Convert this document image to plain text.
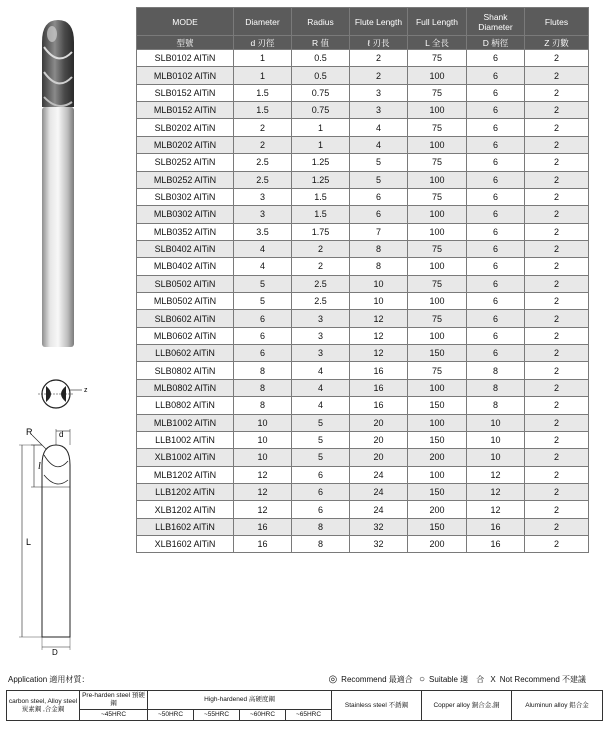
z
d
R
l
L
D
MODE	Diameter	Radius	Flute Length	Full Length	Shank Diameter	Flutes
型號	d 刃徑	R 值	ℓ 刃長	L 全長	D 柄徑	Z 刃數
SLB0102 AlTiN	1	0.5	2	75	6	2
MLB0102 AlTiN	1	0.5	2	100	6	2
SLB0152 AlTiN	1.5	0.75	3	75	6	2
MLB0152 AlTiN	1.5	0.75	3	100	6	2
SLB0202 AlTiN	2	1	4	75	6	2
MLB0202 AlTiN	2	1	4	100	6	2
SLB0252 AlTiN	2.5	1.25	5	75	6	2
MLB0252 AlTiN	2.5	1.25	5	100	6	2
SLB0302 AlTiN	3	1.5	6	75	6	2
MLB0302 AlTiN	3	1.5	6	100	6	2
MLB0352 AlTiN	3.5	1.75	7	100	6	2
SLB0402 AlTiN	4	2	8	75	6	2
MLB0402 AlTiN	4	2	8	100	6	2
SLB0502 AlTiN	5	2.5	10	75	6	2
MLB0502 AlTiN	5	2.5	10	100	6	2
SLB0602 AlTiN	6	3	12	75	6	2
MLB0602 AlTiN	6	3	12	100	6	2
LLB0602 AlTiN	6	3	12	150	6	2
SLB0802 AlTiN	8	4	16	75	8	2
MLB0802 AlTiN	8	4	16	100	8	2
LLB0802 AlTiN	8	4	16	150	8	2
MLB1002 AlTiN	10	5	20	100	10	2
LLB1002 AlTiN	10	5	20	150	10	2
XLB1002 AlTiN	10	5	20	200	10	2
MLB1202 AlTiN	12	6	24	100	12	2
LLB1202 AlTiN	12	6	24	150	12	2
XLB1202 AlTiN	12	6	24	200	12	2
LLB1602 AlTiN	16	8	32	150	16	2
XLB1602 AlTiN	16	8	32	200	16	2
Application 適用材質：	◎ Recommend 最適合 ○ Suitable 適　合 X Not Recommend 不建議
carbon steel, Alloy steel 炭素鋼 ,合金鋼	Pre-harden steel 預硬鋼	High-hardened 高硬度鋼				Stainless steel 不銹鋼	Copper alloy 銅合金,銅	Aluminun alloy 鋁合金
	~45HRC	~50HRC	~55HRC	~60HRC	~65HRC			
